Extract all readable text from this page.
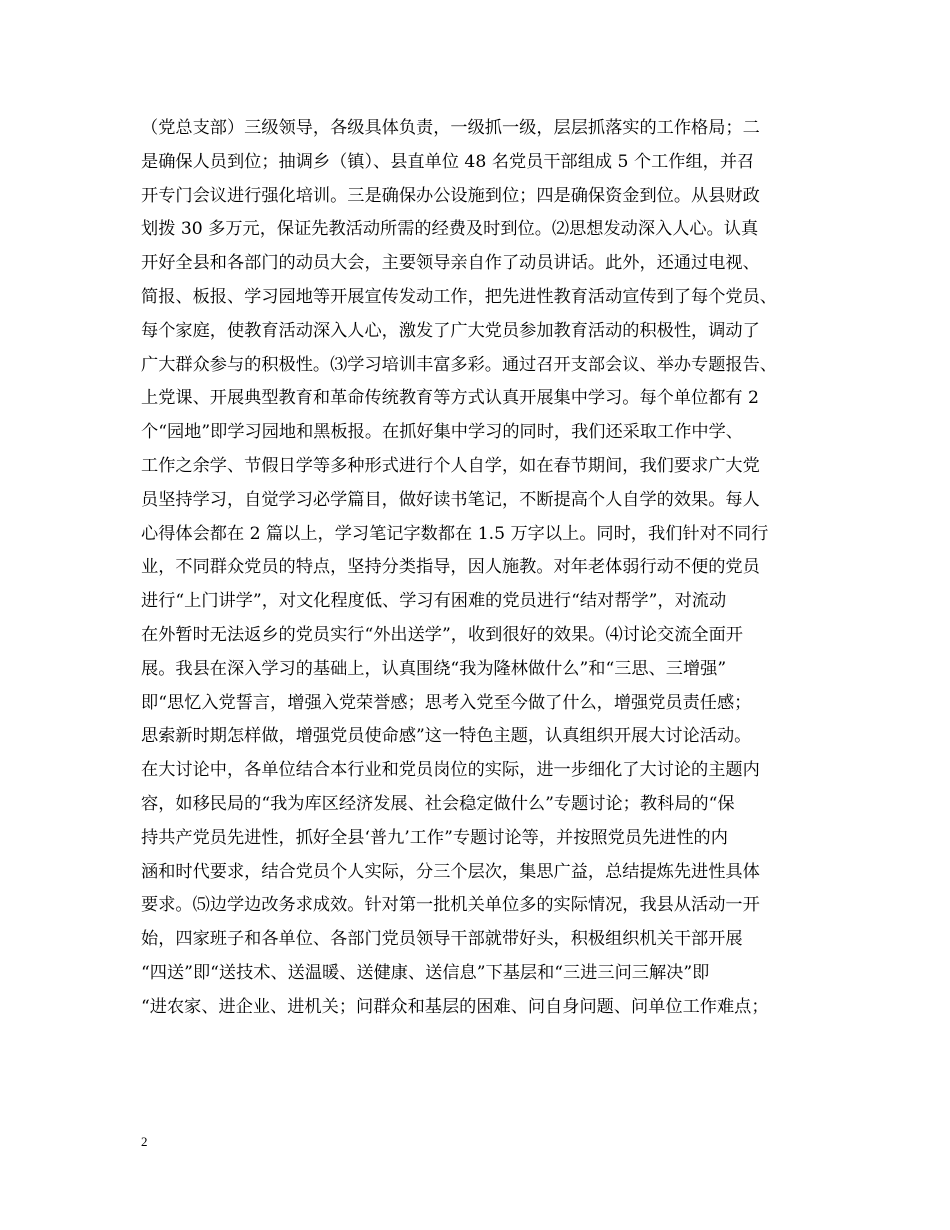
（党总支部）三级领导，各级具体负责，一级抓一级，层层抓落实的工作格局；二
是确保人员到位；抽调乡（镇）、县直单位 48 名党员干部组成 5 个工作组，并召
开专门会议进行强化培训。三是确保办公设施到位；四是确保资金到位。从县财政
划拨 30 多万元，保证先教活动所需的经费及时到位。⑵思想发动深入人心。认真
开好全县和各部门的动员大会，主要领导亲自作了动员讲话。此外，还通过电视、
简报、板报、学习园地等开展宣传发动工作，把先进性教育活动宣传到了每个党员、
每个家庭，使教育活动深入人心，激发了广大党员参加教育活动的积极性，调动了
广大群众参与的积极性。⑶学习培训丰富多彩。通过召开支部会议、举办专题报告、
上党课、开展典型教育和革命传统教育等方式认真开展集中学习。每个单位都有 2
个“园地”即学习园地和黑板报。在抓好集中学习的同时，我们还采取工作中学、
工作之余学、节假日学等多种形式进行个人自学，如在春节期间，我们要求广大党
员坚持学习，自觉学习必学篇目，做好读书笔记，不断提高个人自学的效果。每人
心得体会都在 2 篇以上，学习笔记字数都在 1.5 万字以上。同时，我们针对不同行
业，不同群众党员的特点，坚持分类指导，因人施教。对年老体弱行动不便的党员
进行“上门讲学”，对文化程度低、学习有困难的党员进行“结对帮学”，对流动
在外暂时无法返乡的党员实行“外出送学”，收到很好的效果。⑷讨论交流全面开
展。我县在深入学习的基础上，认真围绕“我为隆林做什么”和“三思、三增强”
即“思忆入党誓言，增强入党荣誉感；思考入党至今做了什么，增强党员责任感；
思索新时期怎样做，增强党员使命感”这一特色主题，认真组织开展大讨论活动。
在大讨论中，各单位结合本行业和党员岗位的实际，进一步细化了大讨论的主题内
容，如移民局的“我为库区经济发展、社会稳定做什么”专题讨论；教科局的“保
持共产党员先进性，抓好全县‘普九’工作”专题讨论等，并按照党员先进性的内
涵和时代要求，结合党员个人实际，分三个层次，集思广益，总结提炼先进性具体
要求。⑸边学边改务求成效。针对第一批机关单位多的实际情况，我县从活动一开
始，四家班子和各单位、各部门党员领导干部就带好头，积极组织机关干部开展
“四送”即“送技术、送温暖、送健康、送信息”下基层和“三进三问三解决”即
“进农家、进企业、进机关；问群众和基层的困难、问自身问题、问单位工作难点；
2
